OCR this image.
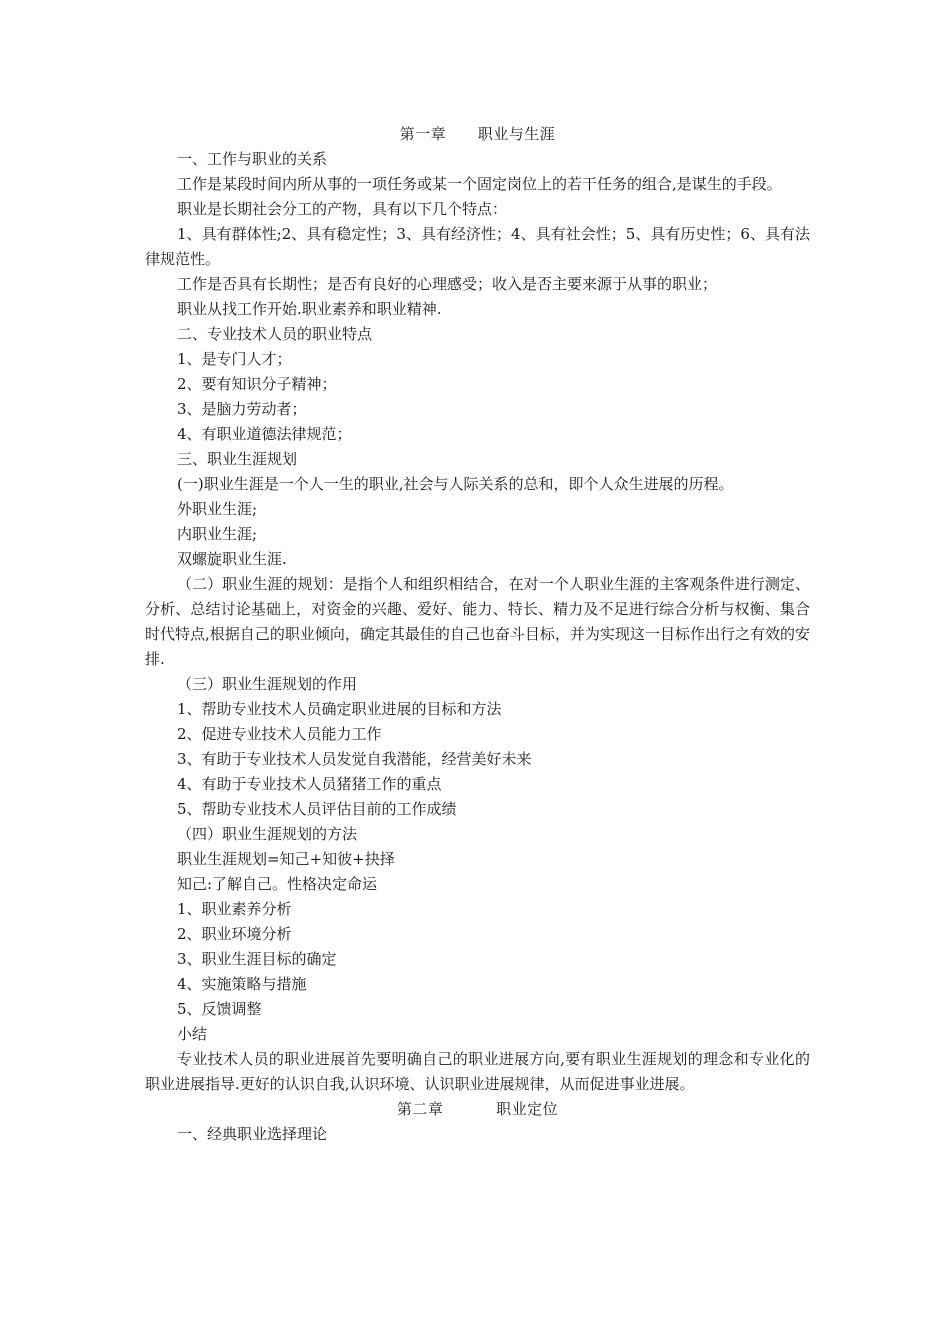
第一章 职业与生涯

一、工作与职业的关系

工作是某段时间内所从事的一项任务或某一个固定岗位上的若干任务的组合,是谋生的手段。

职业是长期社会分工的产物，具有以下几个特点：

1、具有群体性;2、具有稳定性；3、具有经济性；4、具有社会性；5、具有历史性；6、具有法律规范性。

工作是否具有长期性；是否有良好的心理感受；收入是否主要来源于从事的职业；

职业从找工作开始.职业素养和职业精神.

二、专业技术人员的职业特点

1、是专门人才；

2、要有知识分子精神；

3、是脑力劳动者；

4、有职业道德法律规范；

三、职业生涯规划

(一)职业生涯是一个人一生的职业,社会与人际关系的总和，即个人众生进展的历程。

外职业生涯;

内职业生涯;

双螺旋职业生涯.

（二）职业生涯的规划：是指个人和组织相结合，在对一个人职业生涯的主客观条件进行测定、分析、总结讨论基础上，对资金的兴趣、爱好、能力、特长、精力及不足进行综合分析与权衡、集合时代特点,根据自己的职业倾向，确定其最佳的自己也奋斗目标，并为实现这一目标作出行之有效的安排.

（三）职业生涯规划的作用

1、帮助专业技术人员确定职业进展的目标和方法

2、促进专业技术人员能力工作

3、有助于专业技术人员发觉自我潜能，经营美好未来

4、有助于专业技术人员猪猪工作的重点

5、帮助专业技术人员评估目前的工作成绩

（四）职业生涯规划的方法

职业生涯规划=知己+知彼+抉择

知己:了解自己。性格决定命运

1、职业素养分析

2、职业环境分析

3、职业生涯目标的确定

4、实施策略与措施

5、反馈调整

小结

专业技术人员的职业进展首先要明确自己的职业进展方向,要有职业生涯规划的理念和专业化的职业进展指导.更好的认识自我,认识环境、认识职业进展规律，从而促进事业进展。

第二章	职业定位

一、经典职业选择理论
